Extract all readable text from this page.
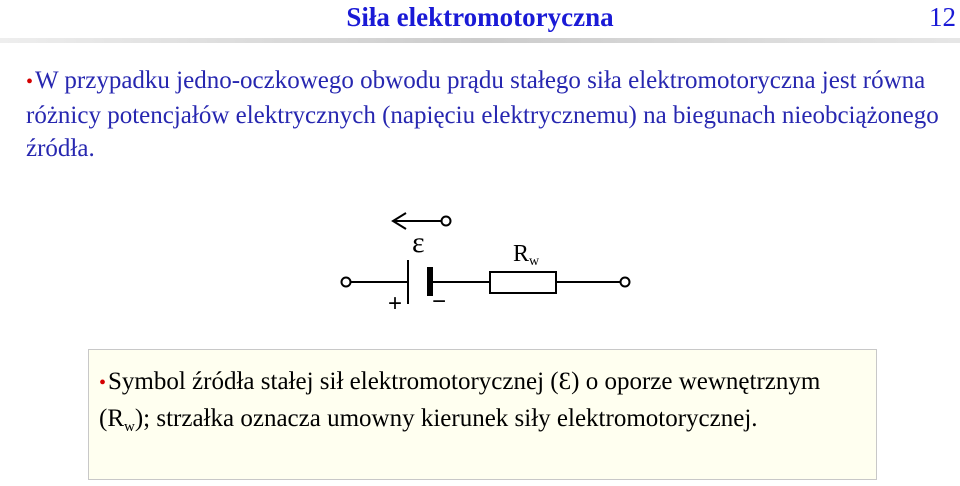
Siła elektromotoryczna	12
•W przypadku jedno-oczkowego obwodu prądu stałego siła elektromotoryczna jest równa różnicy potencjałów elektrycznych (napięciu elektrycznemu) na biegunach nieobciążonego źródła.
ε	Rw
+ −
•Symbol źródła stałej sił elektromotorycznej (Ɛ) o oporze wewnętrznym $(R_w)$; strzałka oznacza umowny kierunek siły elektromotorycznej.
